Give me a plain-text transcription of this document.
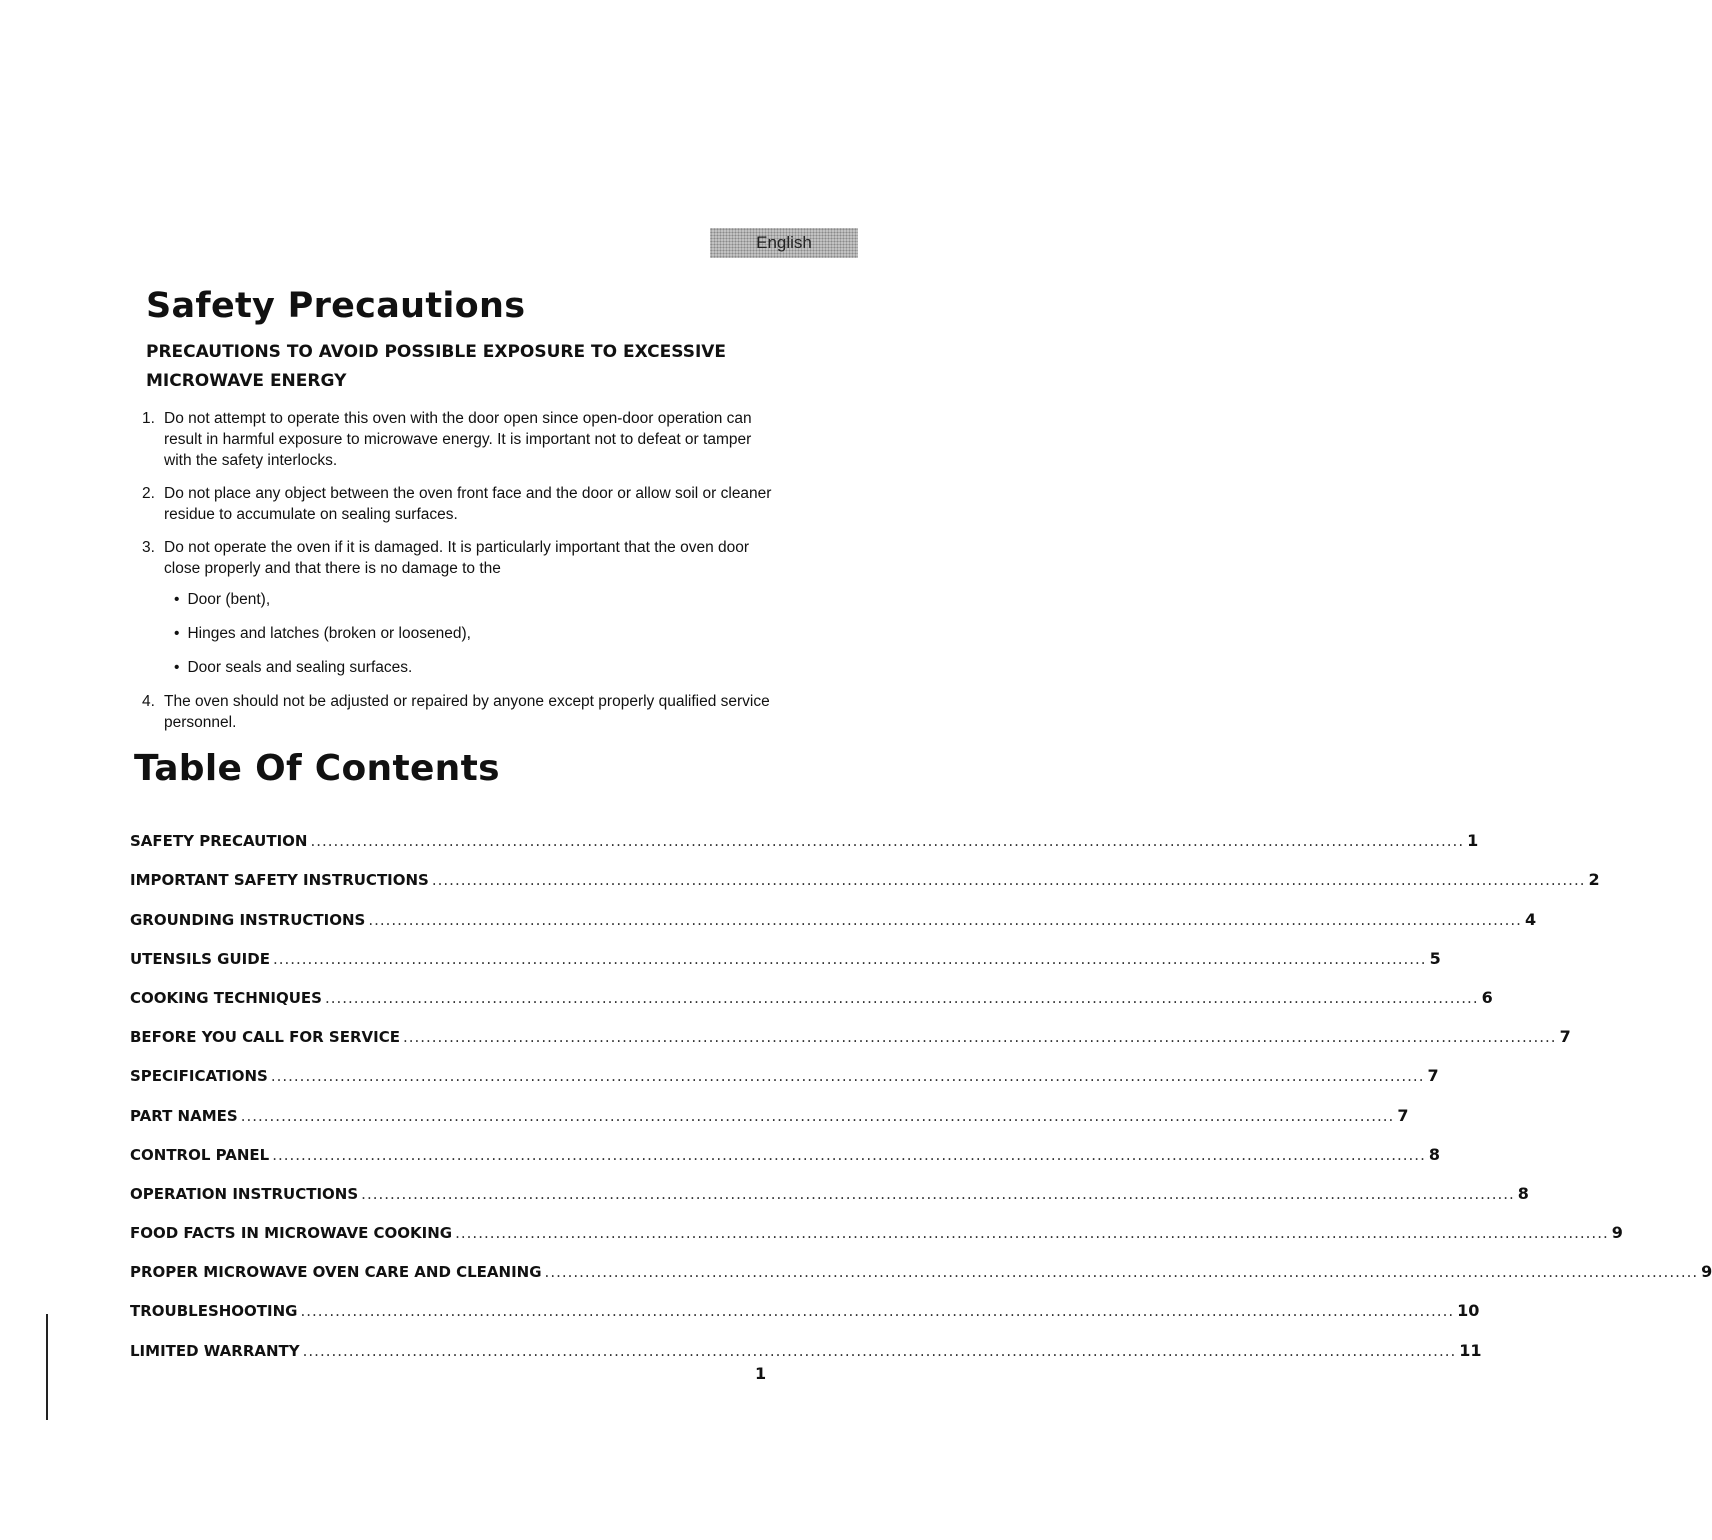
English
Safety Precautions
PRECAUTIONS TO AVOID POSSIBLE EXPOSURE TO EXCESSIVE MICROWAVE ENERGY
1. Do not attempt to operate this oven with the door open since open-door operation can result in harmful exposure to microwave energy. It is important not to defeat or tamper with the safety interlocks.
2. Do not place any object between the oven front face and the door or allow soil or cleaner residue to accumulate on sealing surfaces.
3. Do not operate the oven if it is damaged. It is particularly important that the oven door close properly and that there is no damage to the
• Door (bent),
• Hinges and latches (broken or loosened),
• Door seals and sealing surfaces.
4. The oven should not be adjusted or repaired by anyone except properly qualified service personnel.
Table Of Contents
SAFETY PRECAUTION ........................................................................................................................................................................................................ 1
IMPORTANT SAFETY INSTRUCTIONS ........................................................................................................................................................................................................ 2
GROUNDING INSTRUCTIONS ........................................................................................................................................................................................................ 4
UTENSILS GUIDE ........................................................................................................................................................................................................ 5
COOKING TECHNIQUES ........................................................................................................................................................................................................ 6
BEFORE YOU CALL FOR SERVICE ........................................................................................................................................................................................................ 7
SPECIFICATIONS ........................................................................................................................................................................................................ 7
PART NAMES ........................................................................................................................................................................................................ 7
CONTROL PANEL ........................................................................................................................................................................................................ 8
OPERATION INSTRUCTIONS ........................................................................................................................................................................................................ 8
FOOD FACTS IN MICROWAVE COOKING ........................................................................................................................................................................................................ 9
PROPER MICROWAVE OVEN CARE AND CLEANING ........................................................................................................................................................................................................ 9
TROUBLESHOOTING ........................................................................................................................................................................................................ 10
LIMITED WARRANTY ........................................................................................................................................................................................................ 11
1
